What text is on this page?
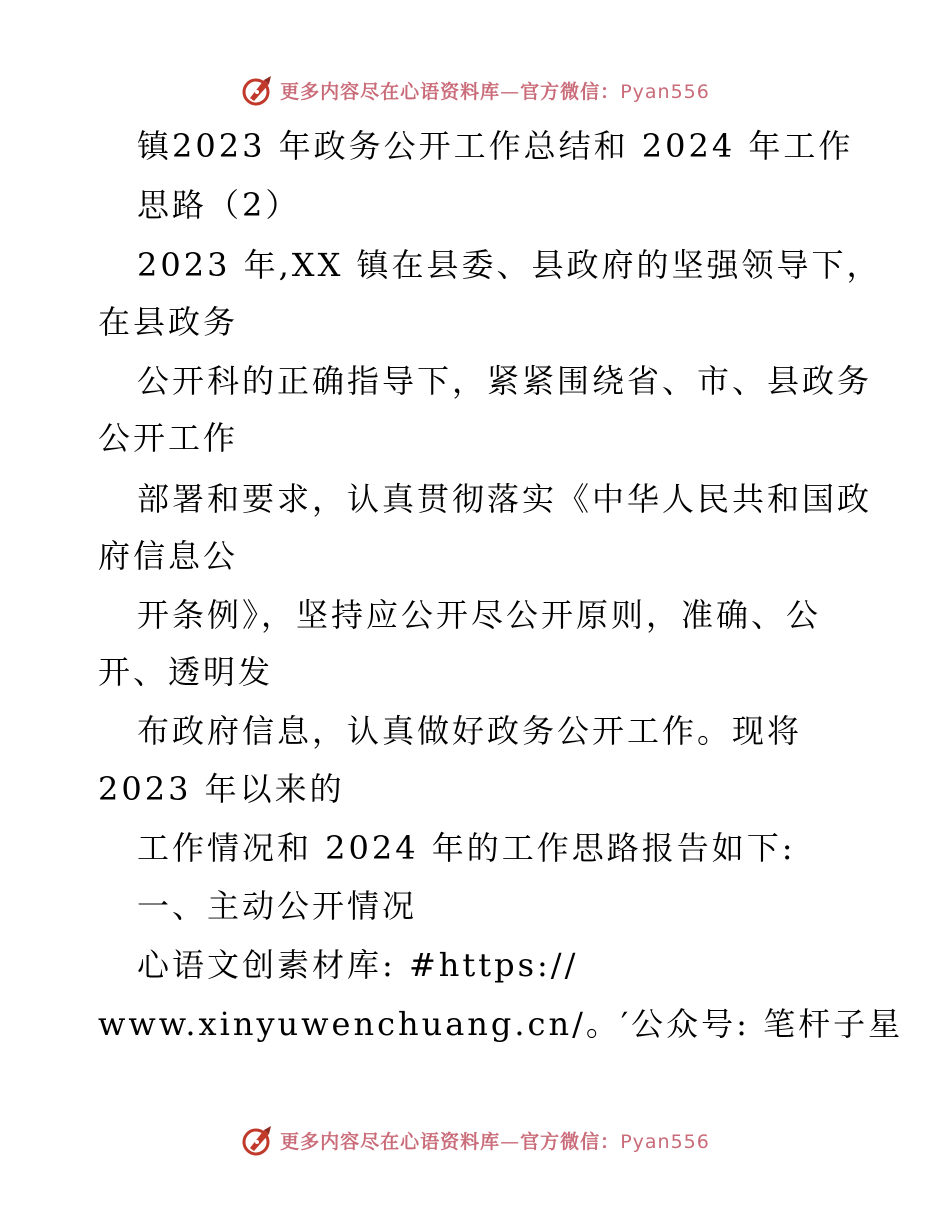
更多内容尽在心语资料库—官方微信：Pyan556
镇2023 年政务公开工作总结和 2024 年工作
思路（2）
2023 年,XX 镇在县委、县政府的坚强领导下，
在县政务
公开科的正确指导下，紧紧围绕省、市、县政务
公开工作
部署和要求，认真贯彻落实《中华人民共和国政
府信息公
开条例》，坚持应公开尽公开原则，准确、公
开、透明发
布政府信息，认真做好政务公开工作。现将
2023 年以来的
工作情况和 2024 年的工作思路报告如下:
一、主动公开情况
心语文创素材库: #https://
www.xinyuwenchuang.cn/。′公众号: 笔杆子星
更多内容尽在心语资料库—官方微信：Pyan556
